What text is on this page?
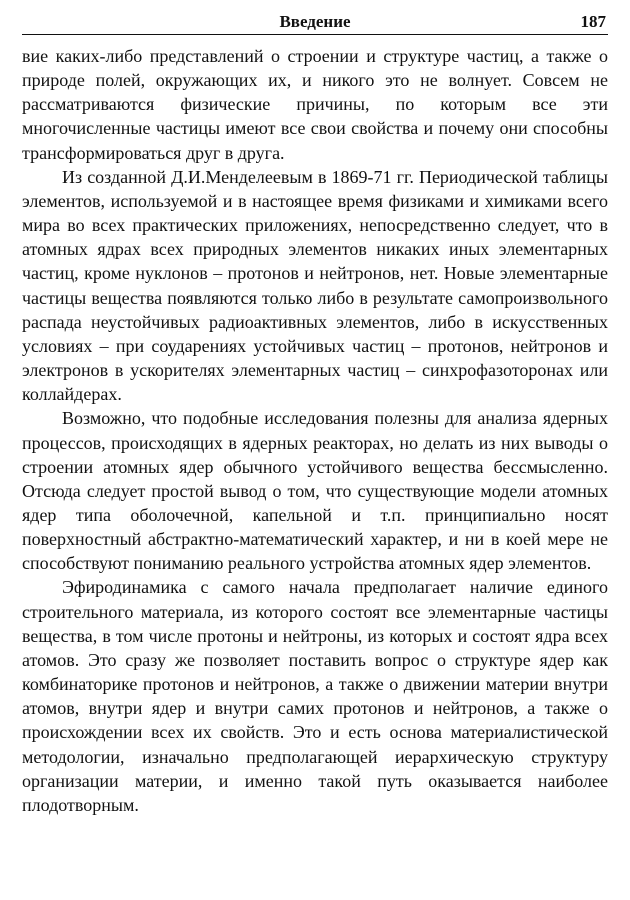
Введение	187

вие каких-либо представлений о строении и структуре частиц, а также о природе полей, окружающих их, и никого это не волнует. Совсем не рассматриваются физические причины, по которым все эти многочисленные частицы имеют все свои свойства и почему они способны трансформироваться друг в друга.

Из созданной Д.И.Менделеевым в 1869-71 гг. Периодической таблицы элементов, используемой и в настоящее время физиками и химиками всего мира во всех практических приложениях, непосредственно следует, что в атомных ядрах всех природных элементов никаких иных элементарных частиц, кроме нуклонов – протонов и нейтронов, нет. Новые элементарные частицы вещества появляются только либо в результате самопроизвольного распада неустойчивых радиоактивных элементов, либо в искусственных условиях – при соударениях устойчивых частиц – протонов, нейтронов и электронов в ускорителях элементарных частиц – синхрофазоторонах или коллайдерах.

Возможно, что подобные исследования полезны для анализа ядерных процессов, происходящих в ядерных реакторах, но делать из них выводы о строении атомных ядер обычного устойчивого вещества бессмысленно. Отсюда следует простой вывод о том, что существующие модели атомных ядер типа оболочечной, капельной и т.п. принципиально носят поверхностный абстрактно-математический характер, и ни в коей мере не способствуют пониманию реального устройства атомных ядер элементов.

Эфиродинамика с самого начала предполагает наличие единого строительного материала, из которого состоят все элементарные частицы вещества, в том числе протоны и нейтроны, из которых и состоят ядра всех атомов. Это сразу же позволяет поставить вопрос о структуре ядер как комбинаторике протонов и нейтронов, а также о движении материи внутри атомов, внутри ядер и внутри самих протонов и нейтронов, а также о происхождении всех их свойств. Это и есть основа материалистической методологии, изначально предполагающей иерархическую структуру организации материи, и именно такой путь оказывается наиболее плодотворным.
